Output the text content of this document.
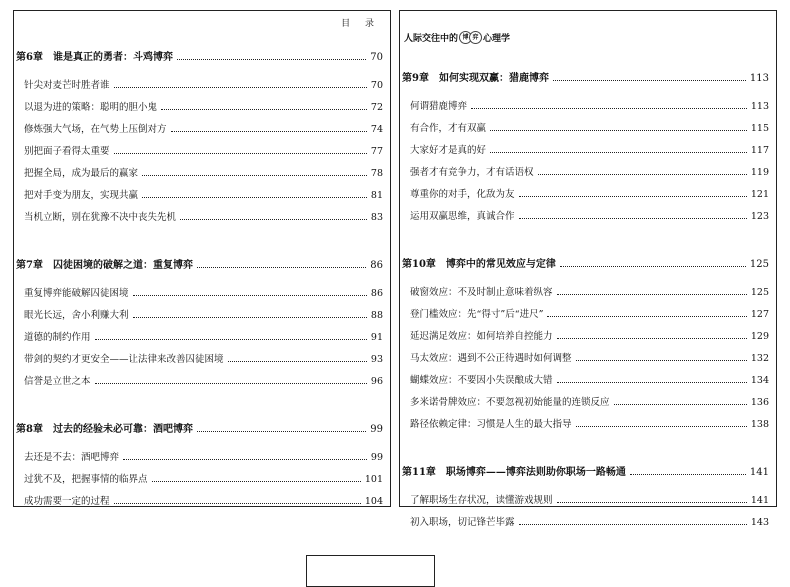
目 录
第6章　谁是真正的勇者：斗鸡博弈	70
针尖对麦芒时胜者谁	70
以退为进的策略：聪明的胆小鬼	72
修炼强大气场，在气势上压倒对方	74
别把面子看得太重要	77
把握全局，成为最后的赢家	78
把对手变为朋友，实现共赢	81
当机立断，别在犹豫不决中丧失先机	83
第7章　囚徒困境的破解之道：重复博弈	86
重复博弈能破解囚徒困境	86
眼光长远，舍小利赚大利	88
道德的制约作用	91
带剑的契约才更安全——让法律来改善囚徒困境	93
信誉是立世之本	96
第8章　过去的经验未必可靠：酒吧博弈	99
去还是不去：酒吧博弈	99
过犹不及，把握事情的临界点	101
成功需要一定的过程	104
人际交往中的 博 弈 心理学
第9章　如何实现双赢：猎鹿博弈	113
何谓猎鹿博弈	113
有合作，才有双赢	115
大家好才是真的好	117
强者才有竞争力，才有话语权	119
尊重你的对手，化敌为友	121
运用双赢思维，真诚合作	123
第10章　博弈中的常见效应与定律	125
破窗效应：不及时制止意味着纵容	125
登门槛效应：先“得寸”后“进尺”	127
延迟满足效应：如何培养自控能力	129
马太效应：遇到不公正待遇时如何调整	132
蝴蝶效应：不要因小失误酿成大错	134
多米诺骨牌效应：不要忽视初始能量的连锁反应	136
路径依赖定律：习惯是人生的最大指导	138
第11章　职场博弈——博弈法则助你职场一路畅通	141
了解职场生存状况，读懂游戏规则	141
初入职场，切记锋芒毕露	143
